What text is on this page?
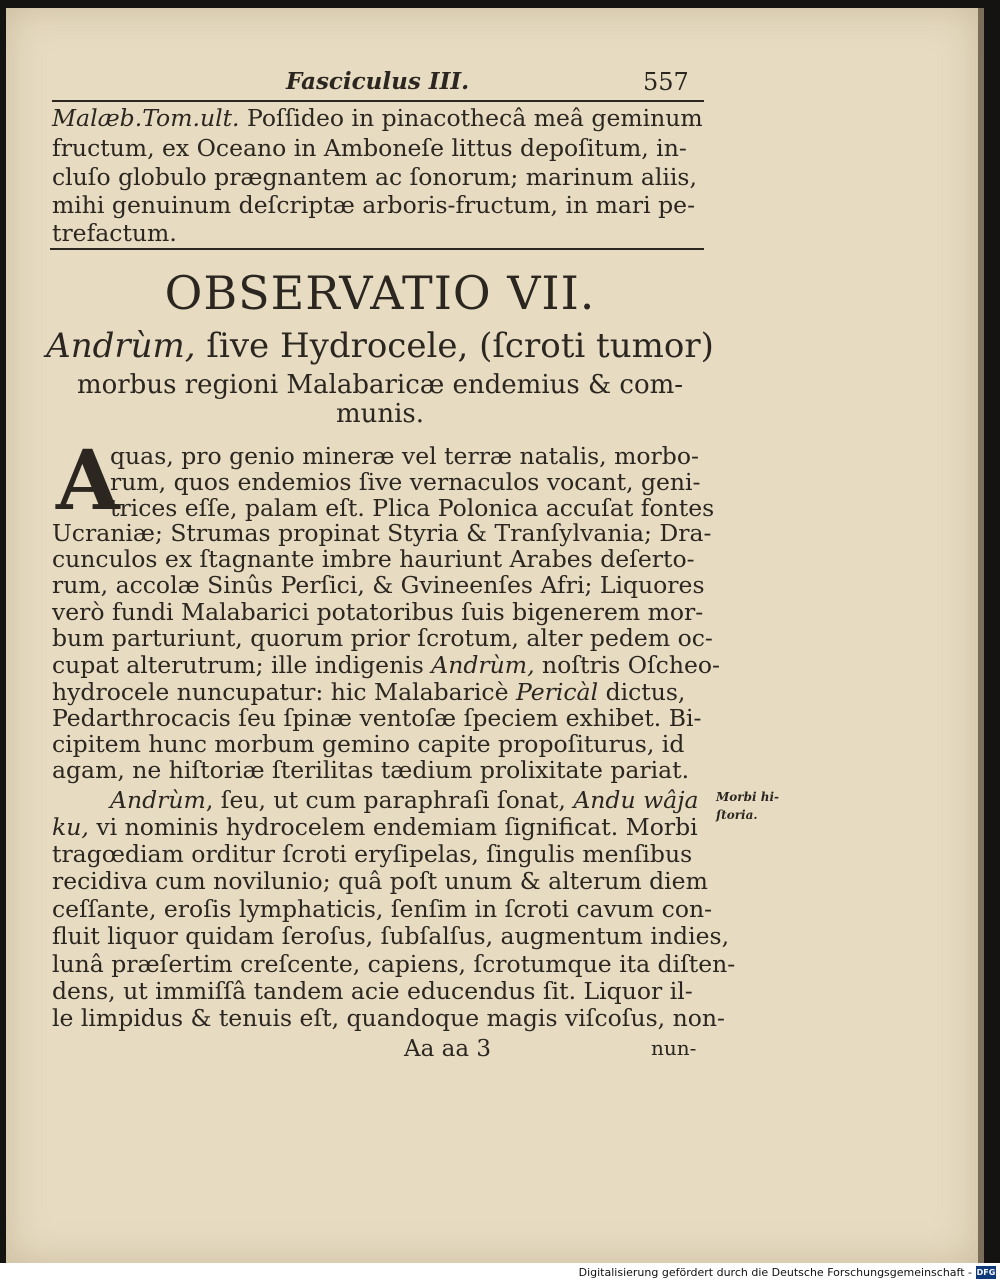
Fasciculus III.	557
Malæb.Tom.ult. Poſſideo in pinacothecâ meâ geminum
fructum, ex Oceano in Amboneſe littus depoſitum, in-
cluſo globulo prægnantem ac ſonorum; marinum aliis,
mihi genuinum deſcriptæ arboris-fructum, in mari pe-
trefactum.
OBSERVATIO VII.
Andrùm, ſive Hydrocele, (ſcroti tumor)
morbus regioni Malabaricæ endemius & com-
munis.
A
quas, pro genio mineræ vel terræ natalis, morbo-
rum, quos endemios ſive vernaculos vocant, geni-
trices eſſe, palam eſt. Plica Polonica accuſat fontes
Ucraniæ; Strumas propinat Styria & Tranſylvania; Dra-
cunculos ex ſtagnante imbre hauriunt Arabes deſerto-
rum, accolæ Sinûs Perſici, & Gvineenſes Afri; Liquores
verò fundi Malabarici potatoribus ſuis bigenerem mor-
bum parturiunt, quorum prior ſcrotum, alter pedem oc-
cupat alterutrum; ille indigenis Andrùm, noſtris Oſcheo-
hydrocele nuncupatur: hic Malabaricè Pericàl dictus,
Pedarthrocacis ſeu ſpinæ ventoſæ ſpeciem exhibet. Bi-
cipitem hunc morbum gemino capite propoſiturus, id
agam, ne hiſtoriæ ſterilitas tædium prolixitate pariat.
Andrùm, ſeu, ut cum paraphraſi ſonat, Andu wâja
ku, vi nominis hydrocelem endemiam ſignificat. Morbi
tragœdiam orditur ſcroti eryſipelas, ſingulis menſibus
recidiva cum novilunio; quâ poſt unum & alterum diem
ceſſante, eroſis lymphaticis, ſenſim in ſcroti cavum con-
fluit liquor quidam ſeroſus, ſubſalſus, augmentum indies,
lunâ præſertim creſcente, capiens, ſcrotumque ita diſten-
dens, ut immiſſâ tandem acie educendus ſit. Liquor il-
le limpidus & tenuis eſt, quandoque magis viſcoſus, non-
Morbi hi-
ſtoria.
Aa aa 3	nun-
Digitalisierung gefördert durch die Deutsche Forschungsgemeinschaft - DFG
